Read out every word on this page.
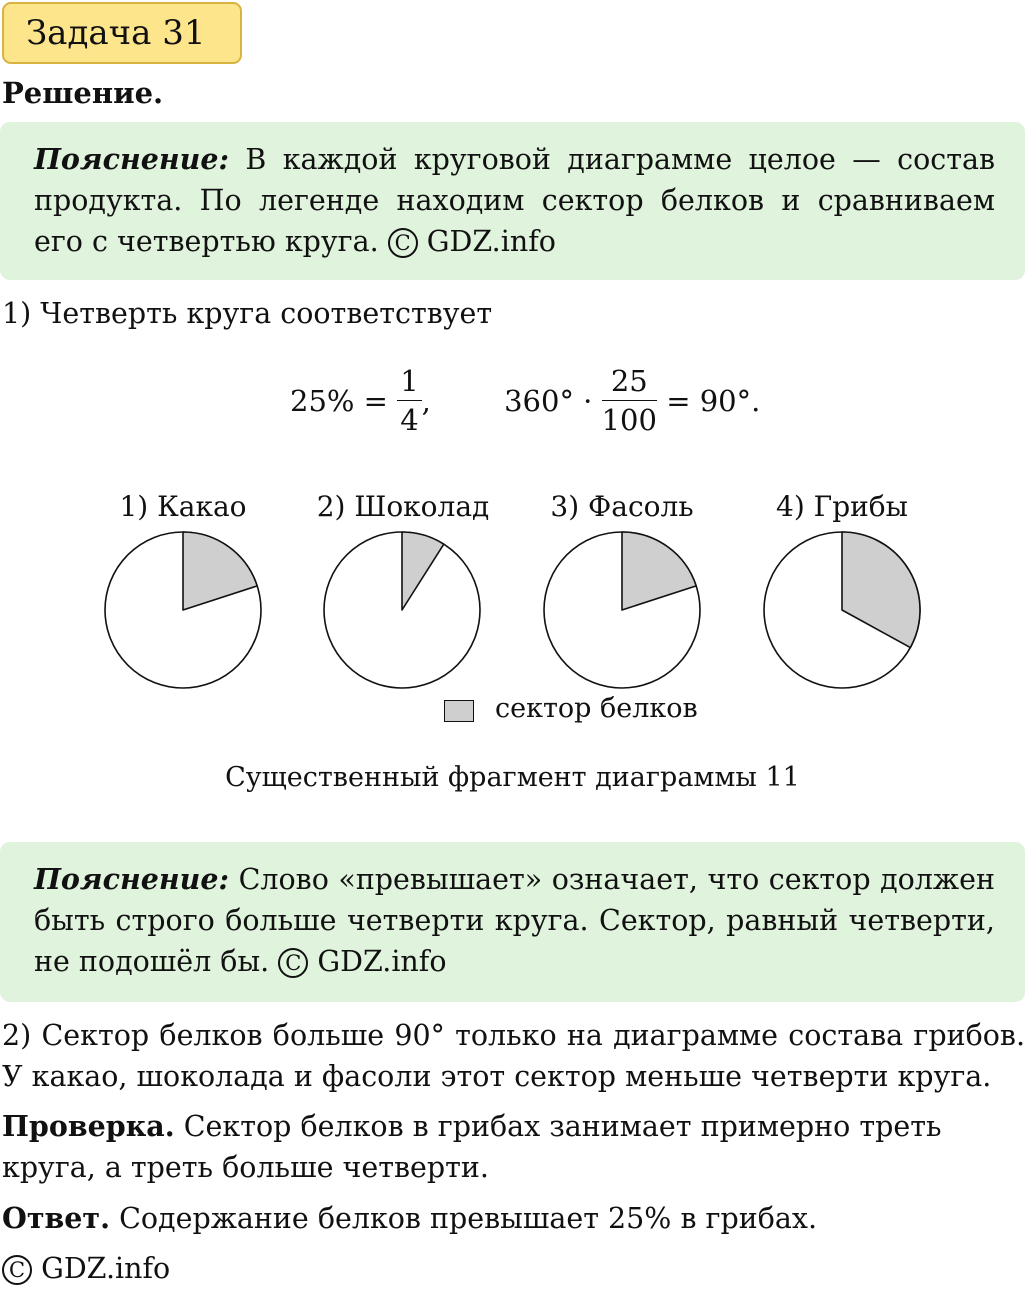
Задача 31
Решение.
Пояснение: В каждой круговой диаграмме целое — состав продукта. По легенде находим сектор белков и сравниваем его с четвертью круга. C GDZ.info
1) Четверть круга соответствует
$25\% = \frac{1}{4}$ ,	$360^\circ \cdot \frac{25}{100} = 90^\circ$.
1) Какао	2) Шоколад	3) Фасоль	4) Грибы
сектор белков
Существенный фрагмент диаграммы 11
Пояснение: Слово «превышает» означает, что сектор должен быть строго больше четверти круга. Сектор, равный четверти, не подошёл бы. C GDZ.info
2) Сектор белков больше 90° только на диаграмме состава грибов. У какао, шоколада и фасоли этот сектор меньше четверти круга.
Проверка. Сектор белков в грибах занимает примерно треть круга, а треть больше четверти.
Ответ. Содержание белков превышает 25% в грибах.
C GDZ.info
